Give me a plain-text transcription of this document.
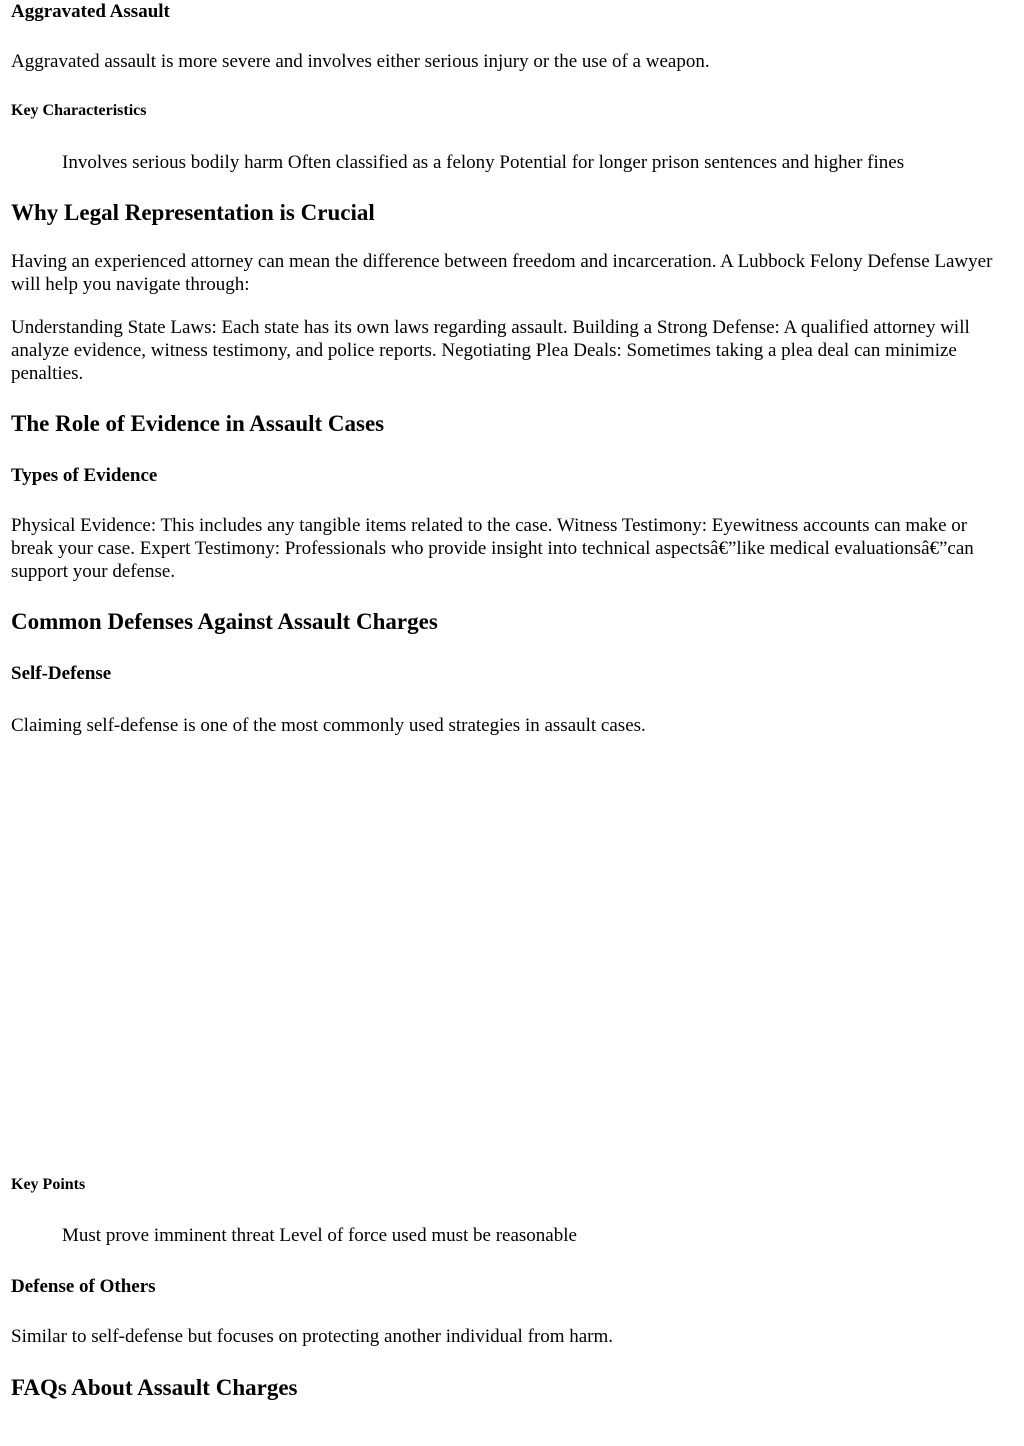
Aggravated Assault

Aggravated assault is more severe and involves either serious injury or the use of a weapon.

Key Characteristics

Involves serious bodily harm Often classified as a felony Potential for longer prison sentences and higher fines

Why Legal Representation is Crucial

Having an experienced attorney can mean the difference between freedom and incarceration. A Lubbock Felony Defense Lawyer will help you navigate through:

Understanding State Laws: Each state has its own laws regarding assault. Building a Strong Defense: A qualified attorney will analyze evidence, witness testimony, and police reports. Negotiating Plea Deals: Sometimes taking a plea deal can minimize penalties.

The Role of Evidence in Assault Cases
Types of Evidence

Physical Evidence: This includes any tangible items related to the case. Witness Testimony: Eyewitness accounts can make or break your case. Expert Testimony: Professionals who provide insight into technical aspectsâ€”like medical evaluationsâ€”can support your defense.

Common Defenses Against Assault Charges
Self-Defense

Claiming self-defense is one of the most commonly used strategies in assault cases.

Key Points

Must prove imminent threat Level of force used must be reasonable

Defense of Others

Similar to self-defense but focuses on protecting another individual from harm.

FAQs About Assault Charges
